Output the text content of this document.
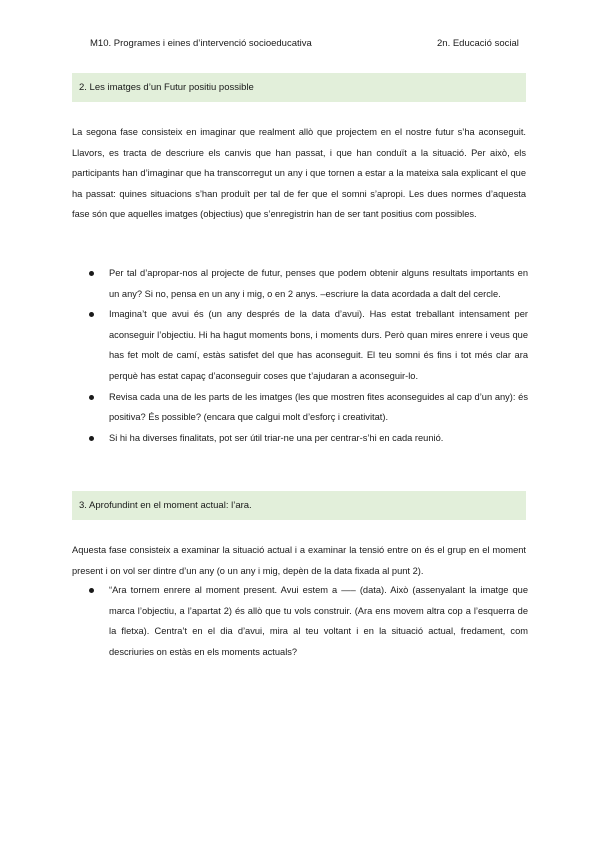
M10. Programes i eines d’intervenció socioeducativa	2n. Educació social
2. Les imatges d’un Futur positiu possible

La segona fase consisteix en imaginar que realment allò que projectem en el nostre futur s’ha aconseguit. Llavors, es tracta de descriure els canvis que han passat, i que han conduït a la situació. Per això, els participants han d’imaginar que ha transcorregut un any i que tornen a estar a la mateixa sala explicant el que ha passat: quines situacions s’han produït per tal de fer que el somni s’apropi. Les dues normes d’aquesta fase són que aquelles imatges (objectius) que s’enregistrin han de ser tant positius com possibles.

Per tal d’apropar-nos al projecte de futur, penses que podem obtenir alguns resultats importants en un any? Si no, pensa en un any i mig, o en 2 anys. –escriure la data acordada a dalt del cercle.
Imagina’t que avui és (un any després de la data d’avui). Has estat treballant intensament per aconseguir l’objectiu. Hi ha hagut moments bons, i moments durs. Però quan mires enrere i veus que has fet molt de camí, estàs satisfet del que has aconseguit. El teu somni és fins i tot més clar ara perquè has estat capaç d’aconseguir coses que t’ajudaran a aconseguir-lo.
Revisa cada una de les parts de les imatges (les que mostren fites aconseguides al cap d’un any): és positiva? És possible? (encara que calgui molt d’esforç i creativitat).
Si hi ha diverses finalitats, pot ser útil triar-ne una per centrar-s’hi en cada reunió.
3. Aprofundint en el moment actual: l’ara.

Aquesta fase consisteix a examinar la situació actual i a examinar la tensió entre on és el grup en el moment present i on vol ser dintre d’un any (o un any i mig, depèn de la data fixada al punt 2).

“Ara tornem enrere al moment present. Avui estem a —– (data). Això (assenyalant la imatge que marca l’objectiu, a l’apartat 2) és allò que tu vols construir. (Ara ens movem altra cop a l’esquerra de la fletxa). Centra’t en el dia d’avui, mira al teu voltant i en la situació actual, fredament, com descriuries on estàs en els moments actuals?
